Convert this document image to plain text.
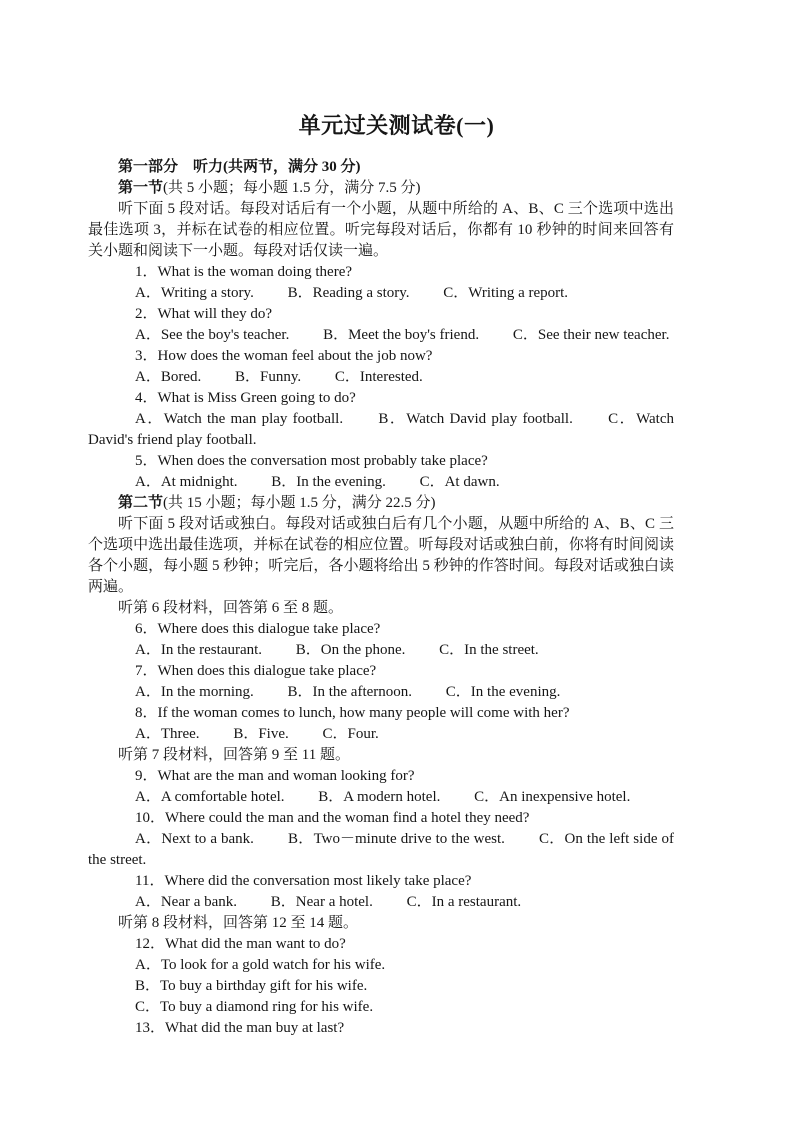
单元过关测试卷(一)

第一部分　听力(共两节，满分 30 分)

第一节(共 5 小题；每小题 1.5 分，满分 7.5 分)

听下面 5 段对话。每段对话后有一个小题，从题中所给的 A、B、C 三个选项中选出最佳选项 3，并标在试卷的相应位置。听完每段对话后，你都有 10 秒钟的时间来回答有关小题和阅读下一小题。每段对话仅读一遍。

1．What is the woman doing there?

A．Writing a story. B．Reading a story. C．Writing a report.

2．What will they do?

A．See the boy's teacher. B．Meet the boy's friend. C．See their new teacher.

3．How does the woman feel about the job now?

A．Bored. B．Funny. C．Interested.

4．What is Miss Green going to do?

A．Watch the man play football. B．Watch David play football. C．Watch David's friend play football.

5．When does the conversation most probably take place?

A．At midnight. B．In the evening. C．At dawn.

第二节(共 15 小题；每小题 1.5 分，满分 22.5 分)

听下面 5 段对话或独白。每段对话或独白后有几个小题，从题中所给的 A、B、C 三个选项中选出最佳选项，并标在试卷的相应位置。听每段对话或独白前，你将有时间阅读各个小题，每小题 5 秒钟；听完后，各小题将给出 5 秒钟的作答时间。每段对话或独白读两遍。

听第 6 段材料，回答第 6 至 8 题。

6．Where does this dialogue take place?

A．In the restaurant. B．On the phone. C．In the street.

7．When does this dialogue take place?

A．In the morning. B．In the afternoon. C．In the evening.

8．If the woman comes to lunch, how many people will come with her?

A．Three. B．Five. C．Four.

听第 7 段材料，回答第 9 至 11 题。

9．What are the man and woman looking for?

A．A comfortable hotel. B．A modern hotel. C．An inexpensive hotel.

10．Where could the man and the woman find a hotel they need?

A．Next to a bank. B．Two－minute drive to the west. C．On the left side of the street.

11．Where did the conversation most likely take place?

A．Near a bank. B．Near a hotel. C．In a restaurant.

听第 8 段材料，回答第 12 至 14 题。

12．What did the man want to do?

A．To look for a gold watch for his wife.

B．To buy a birthday gift for his wife.

C．To buy a diamond ring for his wife.

13．What did the man buy at last?
